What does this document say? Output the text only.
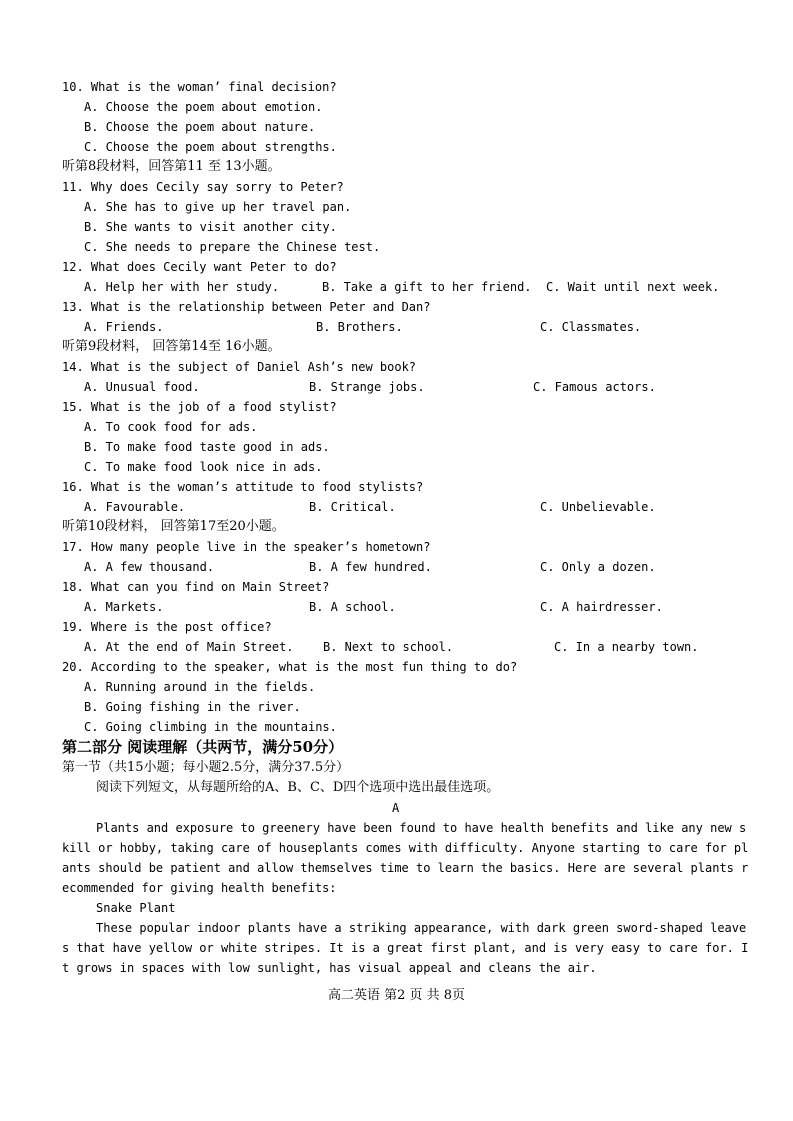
10. What is the woman’ final decision?
A. Choose the poem about emotion.
B. Choose the poem about nature.
C. Choose the poem about strengths.
听第8段材料，回答第11 至 13小题。
11. Why does Cecily say sorry to Peter?
A. She has to give up her travel pan.
B. She wants to visit another city.
C. She needs to prepare the Chinese test.
12. What does Cecily want Peter to do?
A. Help her with her study.	B. Take a gift to her friend. C. Wait until next week.
13. What is the relationship between Peter and Dan?
A. Friends.	B. Brothers.	C. Classmates.
听第9段材料， 回答第14至 16小题。
14. What is the subject of Daniel Ash’s new book?
A. Unusual food.	B. Strange jobs.	C. Famous actors.
15. What is the job of a food stylist?
A. To cook food for ads.
B. To make food taste good in ads.
C. To make food look nice in ads.
16. What is the woman’s attitude to food stylists?
A. Favourable.	B. Critical.	C. Unbelievable.
听第10段材料， 回答第17至20小题。
17. How many people live in the speaker’s hometown?
A. A few thousand.	B. A few hundred.	C. Only a dozen.
18. What can you find on Main Street?
A. Markets.	B. A school.	C. A hairdresser.
19. Where is the post office?
A. At the end of Main Street. B. Next to school.	C. In a nearby town.
20. According to the speaker, what is the most fun thing to do?
A. Running around in the fields.
B. Going fishing in the river.
C. Going climbing in the mountains.
第二部分 阅读理解（共两节，满分50分）
第一节（共15小题；每小题2.5分，满分37.5分）
阅读下列短文，从每题所给的A、B、C、D四个选项中选出最佳选项。
A
Plants and exposure to greenery have been found to have health benefits and like any new s
kill or hobby, taking care of houseplants comes with difficulty. Anyone starting to care for pl
ants should be patient and allow themselves time to learn the basics. Here are several plants r
ecommended for giving health benefits:
Snake Plant
These popular indoor plants have a striking appearance, with dark green sword-shaped leave
s that have yellow or white stripes. It is a great first plant, and is very easy to care for. I
t grows in spaces with low sunlight, has visual appeal and cleans the air.
高二英语 第2 页 共 8页
